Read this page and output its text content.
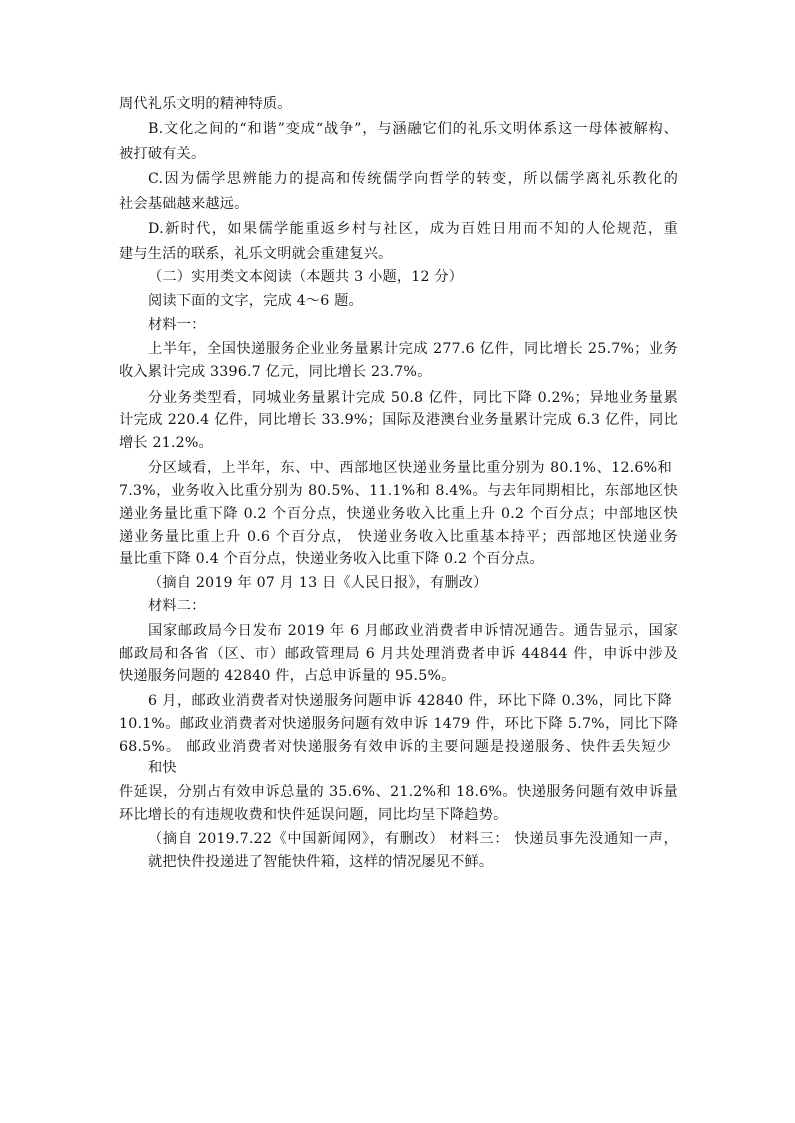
周代礼乐文明的精神特质。
B.文化之间的“和谐”变成“战争”，与涵融它们的礼乐文明体系这一母体被解构、
被打破有关。
C.因为儒学思辨能力的提高和传统儒学向哲学的转变，所以儒学离礼乐教化的
社会基础越来越远。
D.新时代，如果儒学能重返乡村与社区，成为百姓日用而不知的人伦规范，重
建与生活的联系，礼乐文明就会重建复兴。
（二）实用类文本阅读（本题共 3 小题，12 分）
阅读下面的文字，完成 4～6 题。
材料一：
上半年，全国快递服务企业业务量累计完成 277.6 亿件，同比增长 25.7%；业务
收入累计完成 3396.7 亿元，同比增长 23.7%。
分业务类型看，同城业务量累计完成 50.8 亿件，同比下降 0.2%；异地业务量累
计完成 220.4 亿件，同比增长 33.9%；国际及港澳台业务量累计完成 6.3 亿件，同比
增长 21.2%。
分区域看，上半年，东、中、西部地区快递业务量比重分别为 80.1%、12.6%和
7.3%，业务收入比重分别为 80.5%、11.1%和 8.4%。与去年同期相比，东部地区快
递业务量比重下降 0.2 个百分点，快递业务收入比重上升 0.2 个百分点；中部地区快
递业务量比重上升 0.6 个百分点， 快递业务收入比重基本持平；西部地区快递业务
量比重下降 0.4 个百分点，快递业务收入比重下降 0.2 个百分点。
（摘自 2019 年 07 月 13 日《人民日报》，有删改）
材料二：
国家邮政局今日发布 2019 年 6 月邮政业消费者申诉情况通告。通告显示，国家
邮政局和各省（区、市）邮政管理局 6 月共处理消费者申诉 44844 件，申诉中涉及
快递服务问题的 42840 件，占总申诉量的 95.5%。
6 月，邮政业消费者对快递服务问题申诉 42840 件，环比下降 0.3%，同比下降
10.1%。邮政业消费者对快递服务问题有效申诉 1479 件，环比下降 5.7%，同比下降
68.5%。 邮政业消费者对快递服务有效申诉的主要问题是投递服务、快件丢失短少
和快
件延误，分别占有效申诉总量的 35.6%、21.2%和 18.6%。快递服务问题有效申诉量
环比增长的有违规收费和快件延误问题，同比均呈下降趋势。
（摘自 2019.7.22《中国新闻网》，有删改） 材料三： 快递员事先没通知一声，
就把快件投递进了智能快件箱，这样的情况屡见不鲜。
